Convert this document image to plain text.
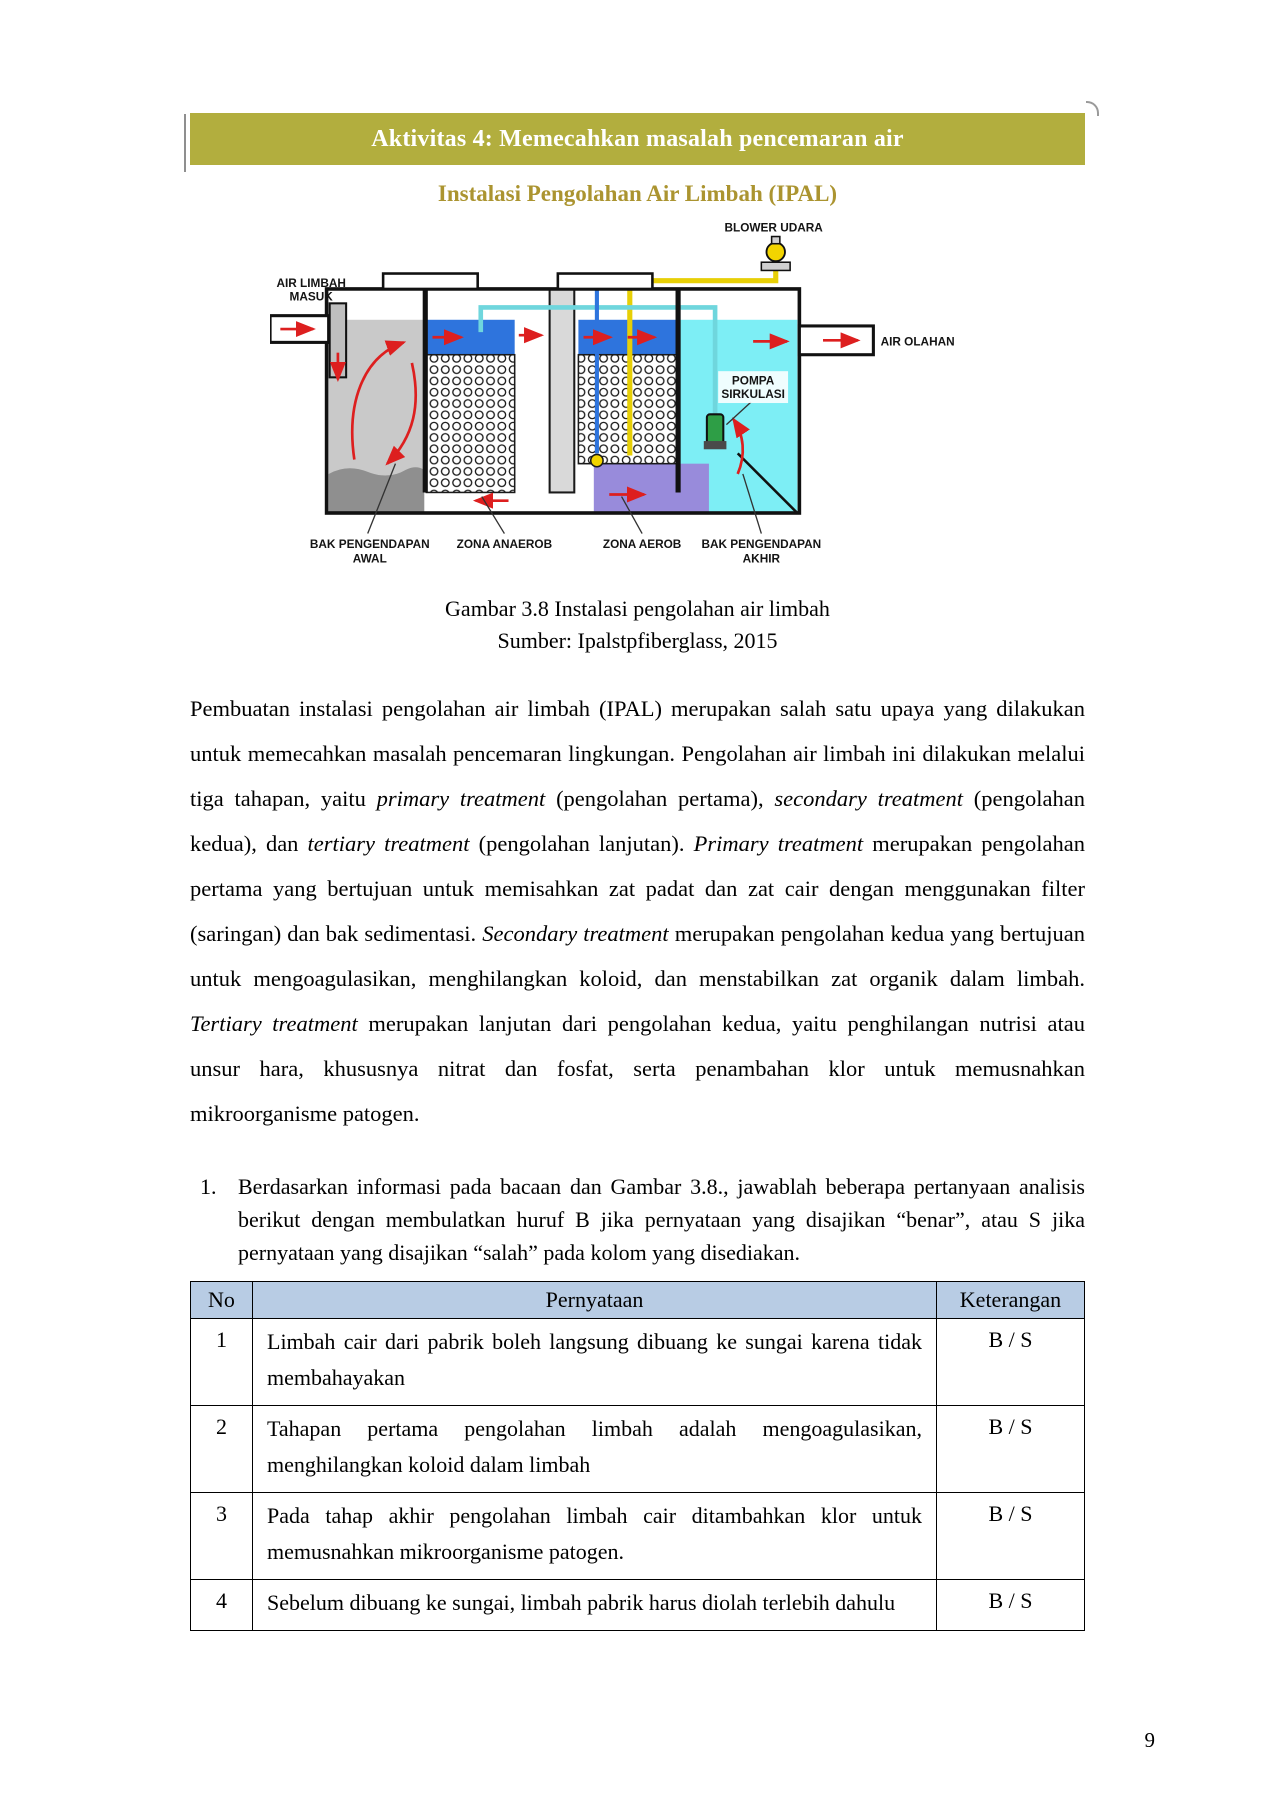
Aktivitas 4: Memecahkan masalah pencemaran air
Instalasi Pengolahan Air Limbah (IPAL)
BLOWER UDARA
AIR LIMBAH
MASUK
AIR OLAHAN
POMPA
SIRKULASI
BAK PENGENDAPAN
AWAL
ZONA ANAEROB	ZONA AEROB BAK PENGENDAPAN
AKHIR
Gambar 3.8 Instalasi pengolahan air limbah
Sumber: Ipalstpfiberglass, 2015

Pembuatan instalasi pengolahan air limbah (IPAL) merupakan salah satu upaya yang dilakukan untuk memecahkan masalah pencemaran lingkungan. Pengolahan air limbah ini dilakukan melalui tiga tahapan, yaitu primary treatment (pengolahan pertama), secondary treatment (pengolahan kedua), dan tertiary treatment (pengolahan lanjutan). Primary treatment merupakan pengolahan pertama yang bertujuan untuk memisahkan zat padat dan zat cair dengan menggunakan filter (saringan) dan bak sedimentasi. Secondary treatment merupakan pengolahan kedua yang bertujuan untuk mengoagulasikan, menghilangkan koloid, dan menstabilkan zat organik dalam limbah. Tertiary treatment merupakan lanjutan dari pengolahan kedua, yaitu penghilangan nutrisi atau unsur hara, khususnya nitrat dan fosfat, serta penambahan klor untuk memusnahkan mikroorganisme patogen.

1. Berdasarkan informasi pada bacaan dan Gambar 3.8., jawablah beberapa pertanyaan analisis berikut dengan membulatkan huruf B jika pernyataan yang disajikan “benar”, atau S jika pernyataan yang disajikan “salah” pada kolom yang disediakan.
No	Pernyataan	Keterangan
1	Limbah cair dari pabrik boleh langsung dibuang ke sungai karena tidak membahayakan	B / S
2	Tahapan pertama pengolahan limbah adalah mengoagulasikan, menghilangkan koloid dalam limbah	B / S
3	Pada tahap akhir pengolahan limbah cair ditambahkan klor untuk memusnahkan mikroorganisme patogen.	B / S
4	Sebelum dibuang ke sungai, limbah pabrik harus diolah terlebih dahulu	B / S
9
